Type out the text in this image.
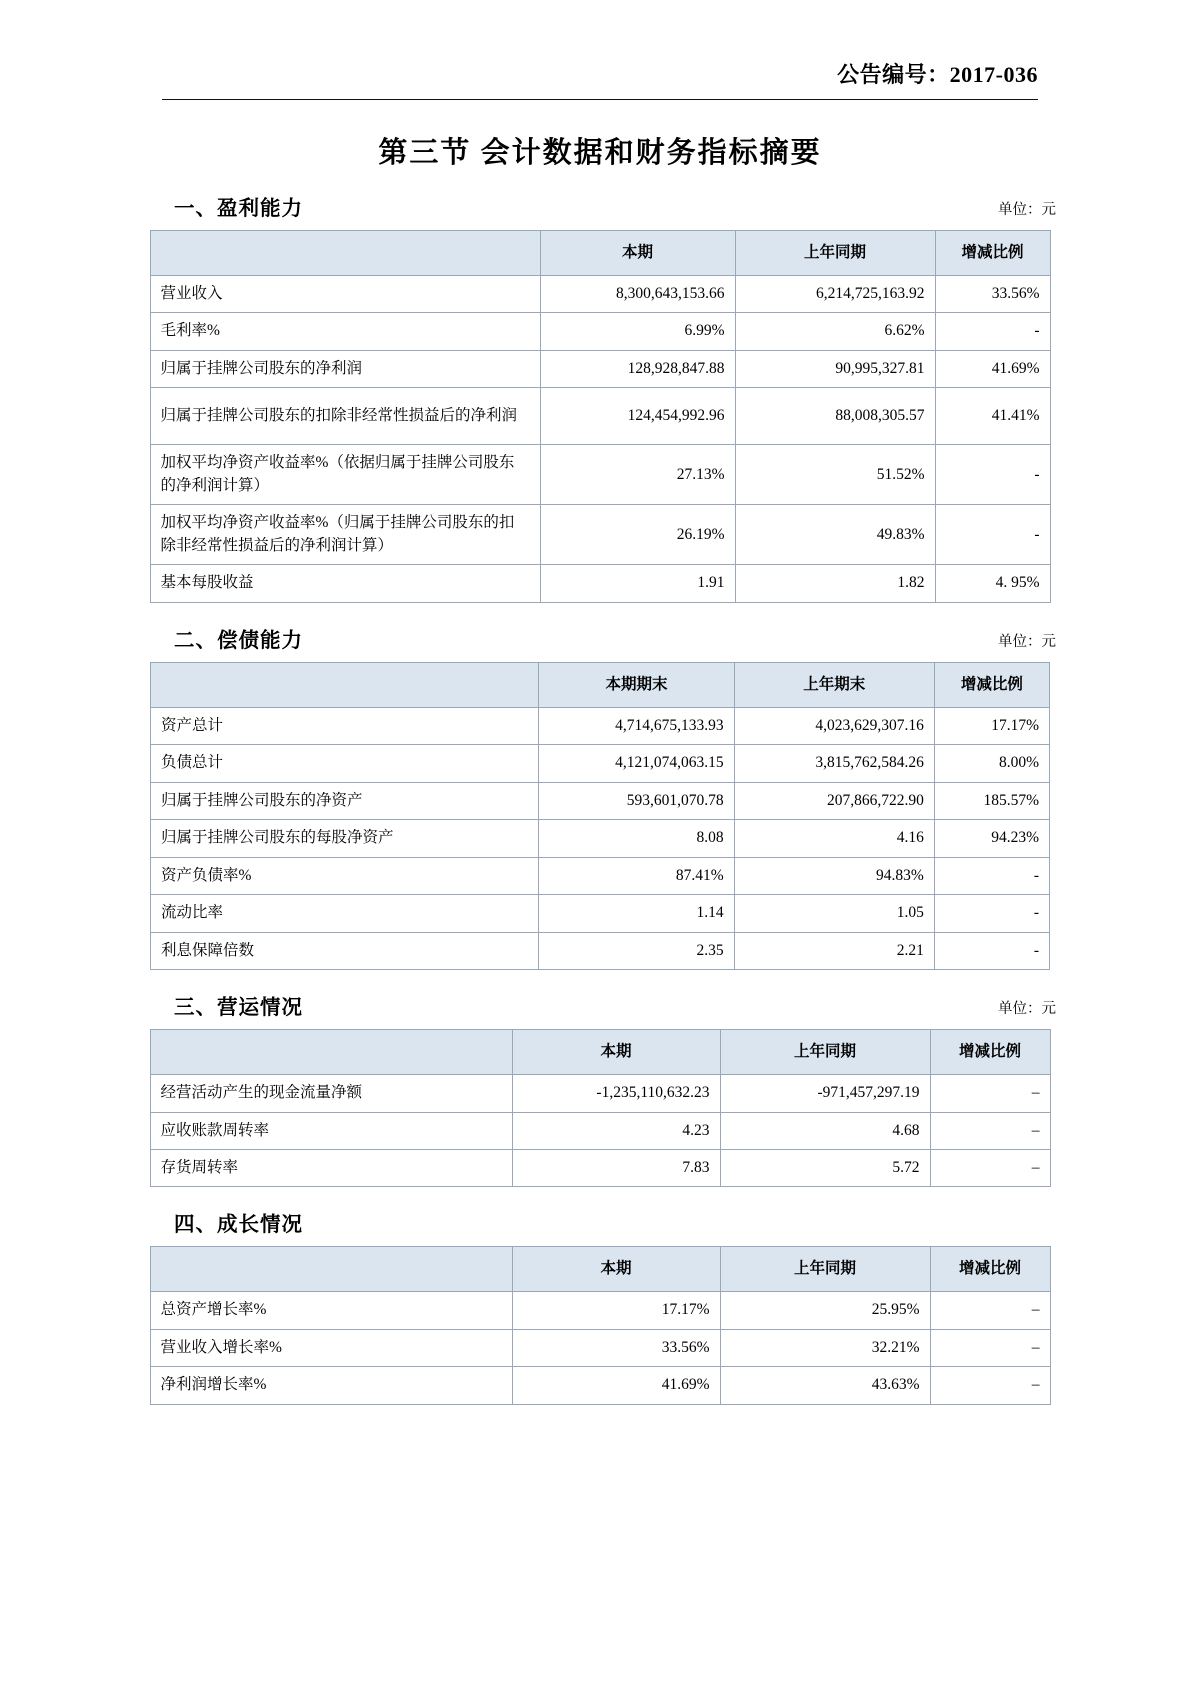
公告编号：2017-036
第三节 会计数据和财务指标摘要
一、盈利能力	单位：元
	本期	上年同期	增减比例
营业收入	8,300,643,153.66	6,214,725,163.92	33.56%
毛利率%	6.99%	6.62%	-
归属于挂牌公司股东的净利润	128,928,847.88	90,995,327.81	41.69%
归属于挂牌公司股东的扣除非经常性损益后的净利润	124,454,992.96	88,008,305.57	41.41%
加权平均净资产收益率%（依据归属于挂牌公司股东的净利润计算）	27.13%	51.52%	-
加权平均净资产收益率%（归属于挂牌公司股东的扣除非经常性损益后的净利润计算）	26.19%	49.83%	-
基本每股收益	1.91	1.82	4. 95%
二、偿债能力	单位：元
	本期期末	上年期末	增减比例
资产总计	4,714,675,133.93	4,023,629,307.16	17.17%
负债总计	4,121,074,063.15	3,815,762,584.26	8.00%
归属于挂牌公司股东的净资产	593,601,070.78	207,866,722.90	185.57%
归属于挂牌公司股东的每股净资产	8.08	4.16	94.23%
资产负债率%	87.41%	94.83%	-
流动比率	1.14	1.05	-
利息保障倍数	2.35	2.21	-
三、营运情况	单位：元
	本期	上年同期	增减比例
经营活动产生的现金流量净额	-1,235,110,632.23	-971,457,297.19	–
应收账款周转率	4.23	4.68	–
存货周转率	7.83	5.72	–
四、成长情况
	本期	上年同期	增减比例
总资产增长率%	17.17%	25.95%	–
营业收入增长率%	33.56%	32.21%	–
净利润增长率%	41.69%	43.63%	–
